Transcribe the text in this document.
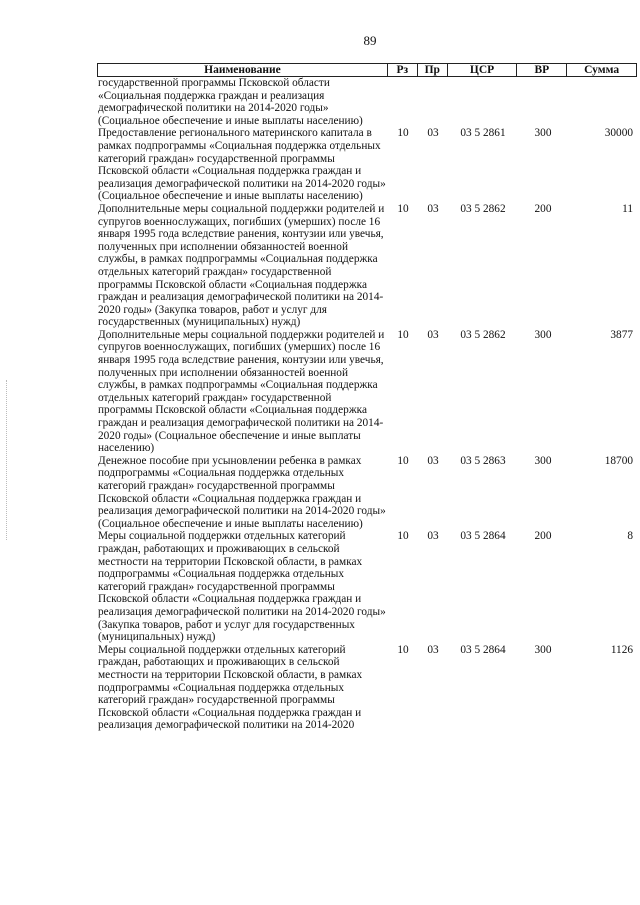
89
Наименование	Рз	Пр	ЦСР	ВР	Сумма
государственной программы Псковской области «Социальная поддержка граждан и реализация демографической политики на 2014-2020 годы» (Социальное обеспечение и иные выплаты населению)
Предоставление регионального материнского капитала в рамках подпрограммы «Социальная поддержка отдельных категорий граждан» государственной программы Псковской области «Социальная поддержка граждан и реализация демографической политики на 2014-2020 годы» (Социальное обеспечение и иные выплаты населению)
10	03	03 5 2861	300	30000
Дополнительные меры социальной поддержки родителей и супругов военнослужащих, погибших (умерших) после 16 января 1995 года вследствие ранения, контузии или увечья, полученных при исполнении обязанностей военной службы, в рамках подпрограммы «Социальная поддержка отдельных категорий граждан» государственной программы Псковской области «Социальная поддержка граждан и реализация демографической политики на 2014-2020 годы» (Закупка товаров, работ и услуг для государственных (муниципальных) нужд)
10	03	03 5 2862	200	11
Дополнительные меры социальной поддержки родителей и супругов военнослужащих, погибших (умерших) после 16 января 1995 года вследствие ранения, контузии или увечья, полученных при исполнении обязанностей военной службы, в рамках подпрограммы «Социальная поддержка отдельных категорий граждан» государственной программы Псковской области «Социальная поддержка граждан и реализация демографической политики на 2014-2020 годы» (Социальное обеспечение и иные выплаты населению)
10	03	03 5 2862	300	3877
Денежное пособие при усыновлении ребенка в рамках подпрограммы «Социальная поддержка отдельных категорий граждан» государственной программы Псковской области «Социальная поддержка граждан и реализация демографической политики на 2014-2020 годы» (Социальное обеспечение и иные выплаты населению)
10	03	03 5 2863	300	18700
Меры социальной поддержки отдельных категорий граждан, работающих и проживающих в сельской местности на территории Псковской области, в рамках подпрограммы «Социальная поддержка отдельных категорий граждан» государственной программы Псковской области «Социальная поддержка граждан и реализация демографической политики на 2014-2020 годы» (Закупка товаров, работ и услуг для государственных (муниципальных) нужд)
10	03	03 5 2864	200	8
Меры социальной поддержки отдельных категорий граждан, работающих и проживающих в сельской местности на территории Псковской области, в рамках подпрограммы «Социальная поддержка отдельных категорий граждан» государственной программы Псковской области «Социальная поддержка граждан и реализация демографической политики на 2014-2020
10	03	03 5 2864	300	1126
